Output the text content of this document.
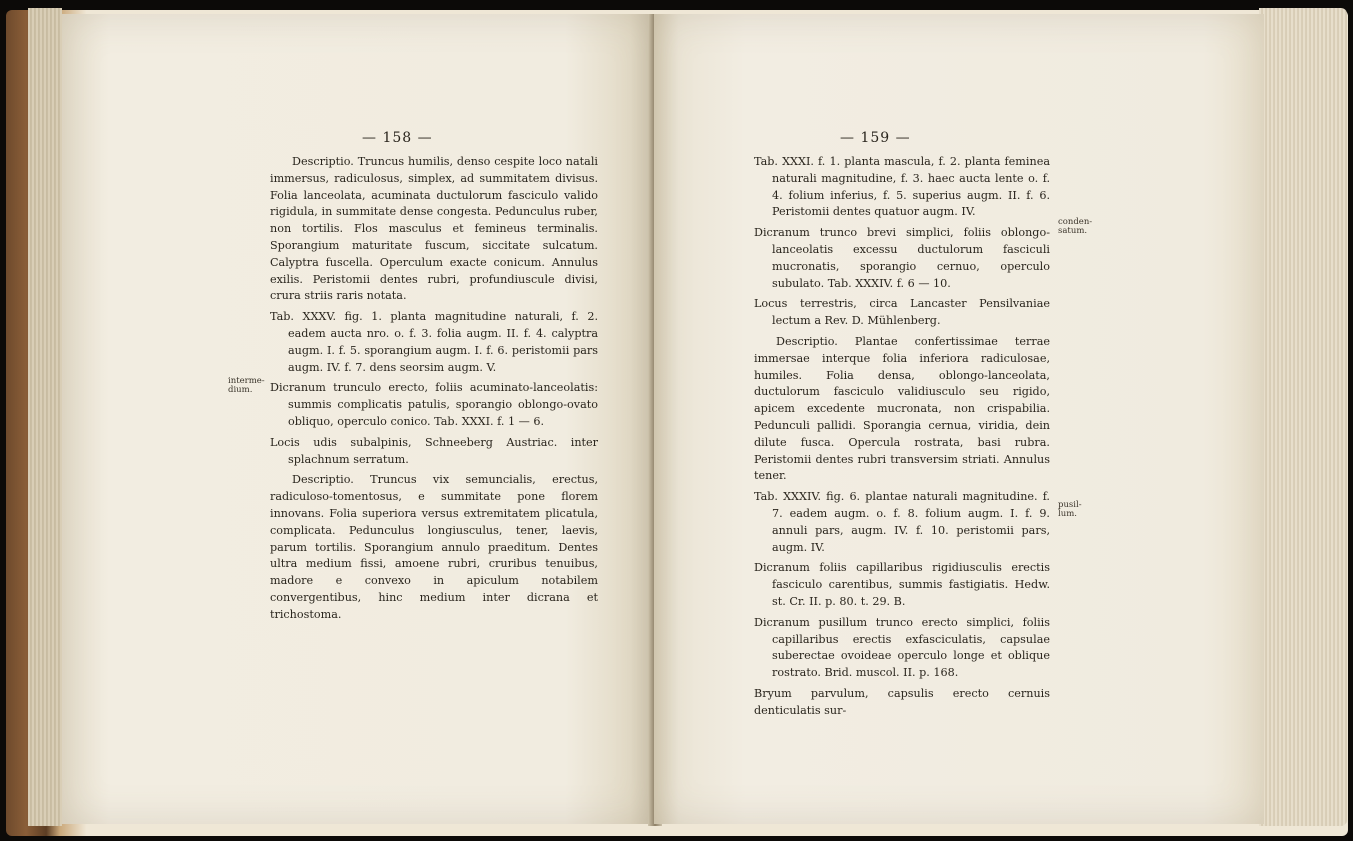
— 158 —
interme-
dium.

Descriptio. Truncus humilis, denso cespite loco natali immersus, radiculosus, simplex, ad summitatem divisus. Folia lanceolata, acuminata ductulorum fasciculo valido rigidula, in summitate dense congesta. Pedunculus ruber, non tortilis. Flos masculus et femineus terminalis. Sporangium maturitate fuscum, siccitate sulcatum. Calyptra fuscella. Operculum exacte conicum. Annulus exilis. Peristomii dentes rubri, profundiuscule divisi, crura striis raris notata.

Tab. XXXV. fig. 1. planta magnitudine naturali, f. 2. eadem aucta nro. o. f. 3. folia augm. II. f. 4. calyptra augm. I. f. 5. sporangium augm. I. f. 6. peristomii pars augm. IV. f. 7. dens seorsim augm. V.

Dicranum trunculo erecto, foliis acuminato-lanceolatis: summis complicatis patulis, sporangio oblongo-ovato obliquo, operculo conico. Tab. XXXI. f. 1 — 6.

Locis udis subalpinis, Schneeberg Austriac. inter splachnum serratum.

Descriptio. Truncus vix semuncialis, erectus, radiculoso-tomentosus, e summitate pone florem innovans. Folia superiora versus extremitatem plicatula, complicata. Pedunculus longiusculus, tener, laevis, parum tortilis. Sporangium annulo praeditum. Dentes ultra medium fissi, amoene rubri, cruribus tenuibus, madore e convexo in apiculum notabilem convergentibus, hinc medium inter dicrana et trichostoma.

— 159 —
conden-
satum.
pusil-
lum.

Tab. XXXI. f. 1. planta mascula, f. 2. planta feminea naturali magnitudine, f. 3. haec aucta lente o. f. 4. folium inferius, f. 5. superius augm. II. f. 6. Peristomii dentes quatuor augm. IV.

Dicranum trunco brevi simplici, foliis oblongo-lanceolatis excessu ductulorum fasciculi mucronatis, sporangio cernuo, operculo subulato. Tab. XXXIV. f. 6 — 10.

Locus terrestris, circa Lancaster Pensilvaniae lectum a Rev. D. Mühlenberg.

Descriptio. Plantae confertissimae terrae immersae interque folia inferiora radiculosae, humiles. Folia densa, oblongo-lanceolata, ductulorum fasciculo validiusculo seu rigido, apicem excedente mucronata, non crispabilia. Pedunculi pallidi. Sporangia cernua, viridia, dein dilute fusca. Opercula rostrata, basi rubra. Peristomii dentes rubri transversim striati. Annulus tener.

Tab. XXXIV. fig. 6. plantae naturali magnitudine. f. 7. eadem augm. o. f. 8. folium augm. I. f. 9. annuli pars, augm. IV. f. 10. peristomii pars, augm. IV.

Dicranum foliis capillaribus rigidiusculis erectis fasciculo carentibus, summis fastigiatis. Hedw. st. Cr. II. p. 80. t. 29. B.

Dicranum pusillum trunco erecto simplici, foliis capillaribus erectis exfasciculatis, capsulae suberectae ovoideae operculo longe et oblique rostrato. Brid. muscol. II. p. 168.

Bryum parvulum, capsulis erecto cernuis denticulatis sur-
